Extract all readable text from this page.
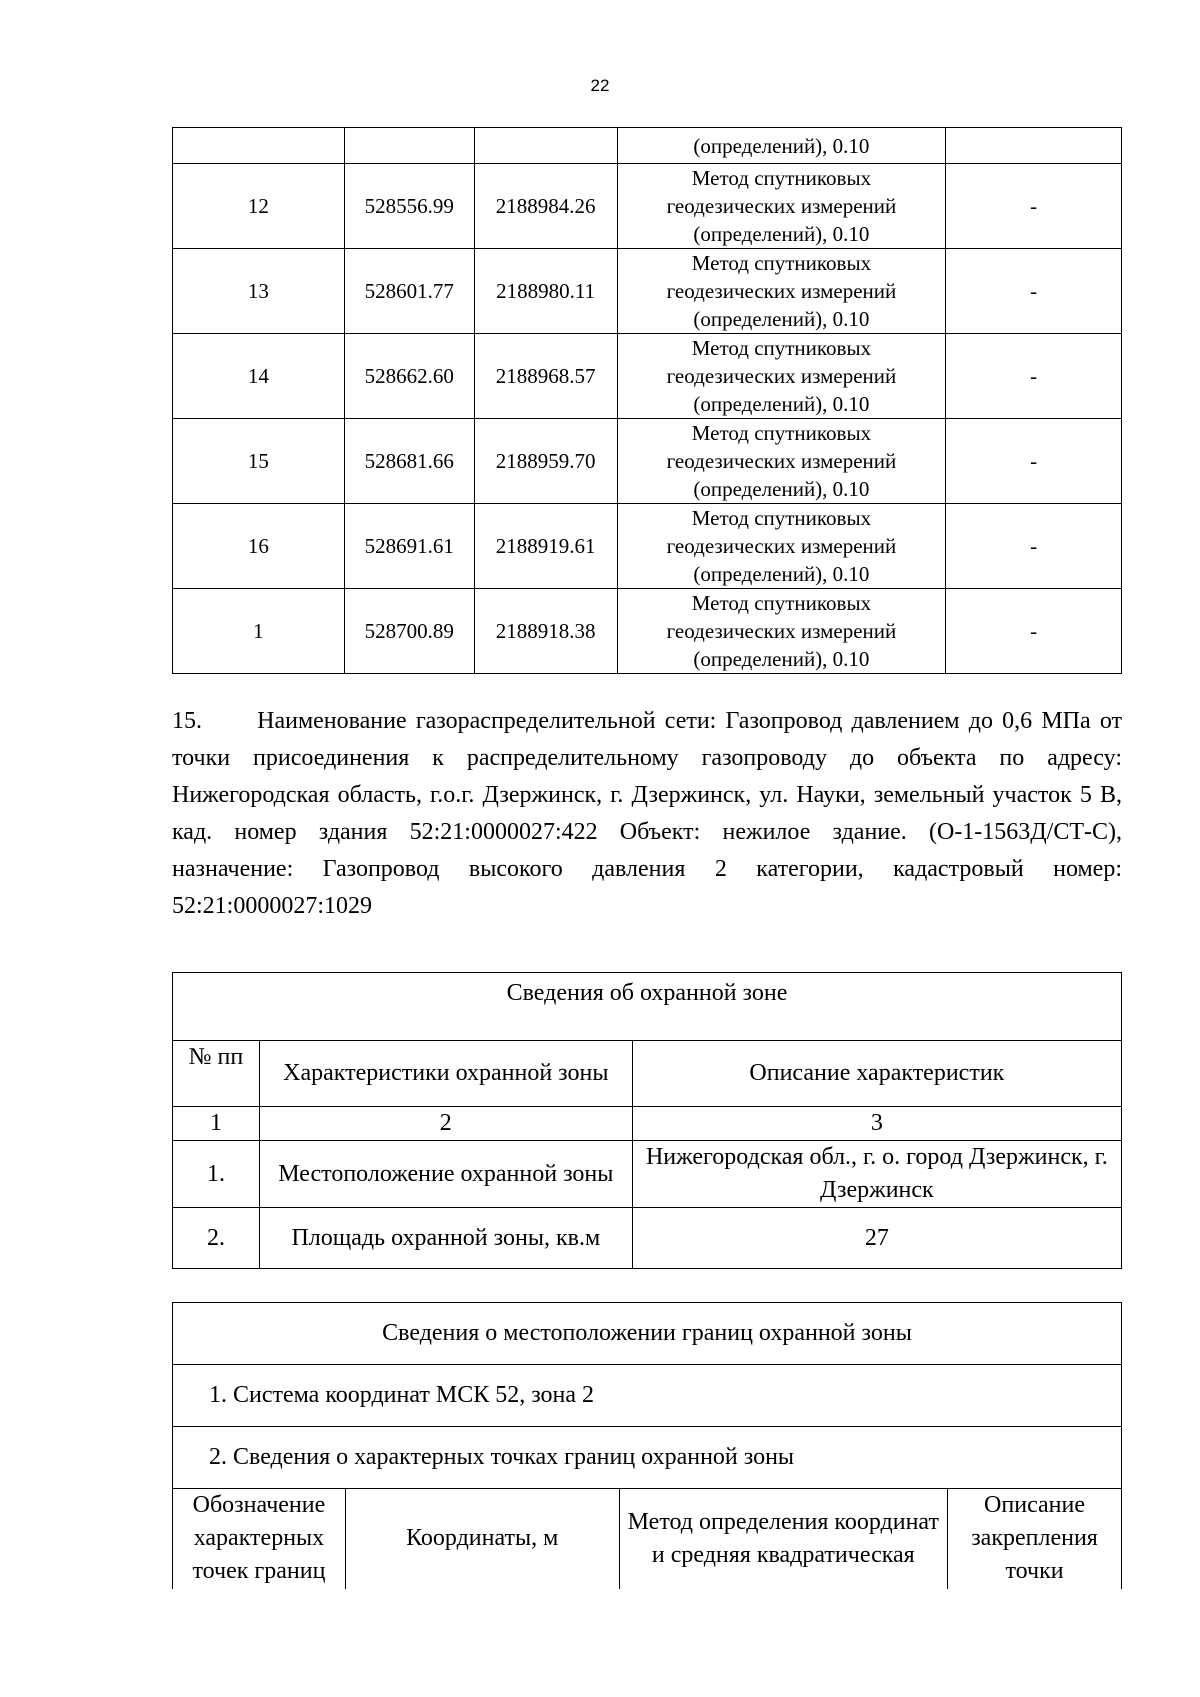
22

			(определений), 0.10	

12	528556.99	2188984.26	Метод спутниковых
геодезических измерений
(определений), 0.10	-
13	528601.77	2188980.11	Метод спутниковых
геодезических измерений
(определений), 0.10	-
14	528662.60	2188968.57	Метод спутниковых
геодезических измерений
(определений), 0.10	-
15	528681.66	2188959.70	Метод спутниковых
геодезических измерений
(определений), 0.10	-
16	528691.61	2188919.61	Метод спутниковых
геодезических измерений
(определений), 0.10	-
1	528700.89	2188918.38	Метод спутниковых
геодезических измерений
(определений), 0.10	-

15. Наименование газораспределительной сети: Газопровод давлением до 0,6 МПа от точки присоединения к распределительному газопроводу до объекта по адресу: Нижегородская область, г.о.г. Дзержинск, г. Дзержинск, ул. Науки, земельный участок 5 В, кад. номер здания 52:21:0000027:422 Объект: нежилое здание. (О-1-1563Д/СТ-С), назначение: Газопровод высокого давления 2 категории, кадастровый номер: 52:21:0000027:1029

Сведения об охранной зоне		
№ пп	Характеристики охранной зоны	Описание характеристик
1	2	3
1.	Местоположение охранной зоны	Нижегородская обл., г. о. город Дзержинск, г. Дзержинск
2.	Площадь охранной зоны, кв.м	27
Сведения о местоположении границ охранной зоны
1. Система координат МСК 52, зона 2
2. Сведения о характерных точках границ охранной зоны
Обозначение характерных точек границ	Координаты, м	Метод определения координат и средняя квадратическая	Описание закрепления точки
